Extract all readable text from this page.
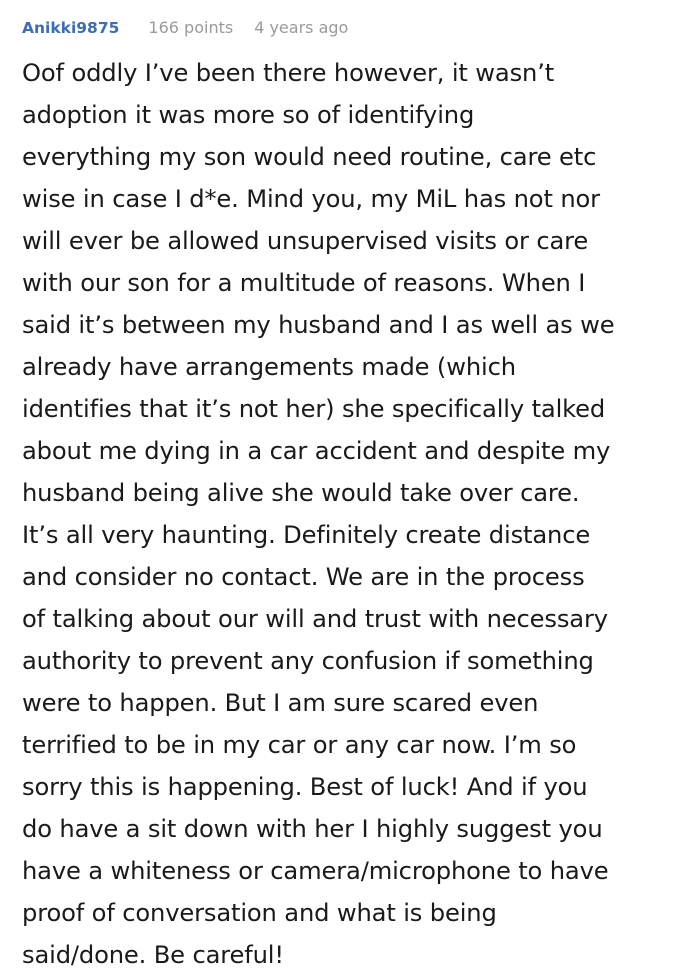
Anikki9875 166 points 4 years ago

Oof oddly I’ve been there however, it wasn’t
adoption it was more so of identifying
everything my son would need routine, care etc
wise in case I d*e. Mind you, my MiL has not nor
will ever be allowed unsupervised visits or care
with our son for a multitude of reasons. When I
said it’s between my husband and I as well as we
already have arrangements made (which
identifies that it’s not her) she specifically talked
about me dying in a car accident and despite my
husband being alive she would take over care.
It’s all very haunting. Definitely create distance
and consider no contact. We are in the process
of talking about our will and trust with necessary
authority to prevent any confusion if something
were to happen. But I am sure scared even
terrified to be in my car or any car now. I’m so
sorry this is happening. Best of luck! And if you
do have a sit down with her I highly suggest you
have a whiteness or camera/microphone to have
proof of conversation and what is being
said/done. Be careful!
